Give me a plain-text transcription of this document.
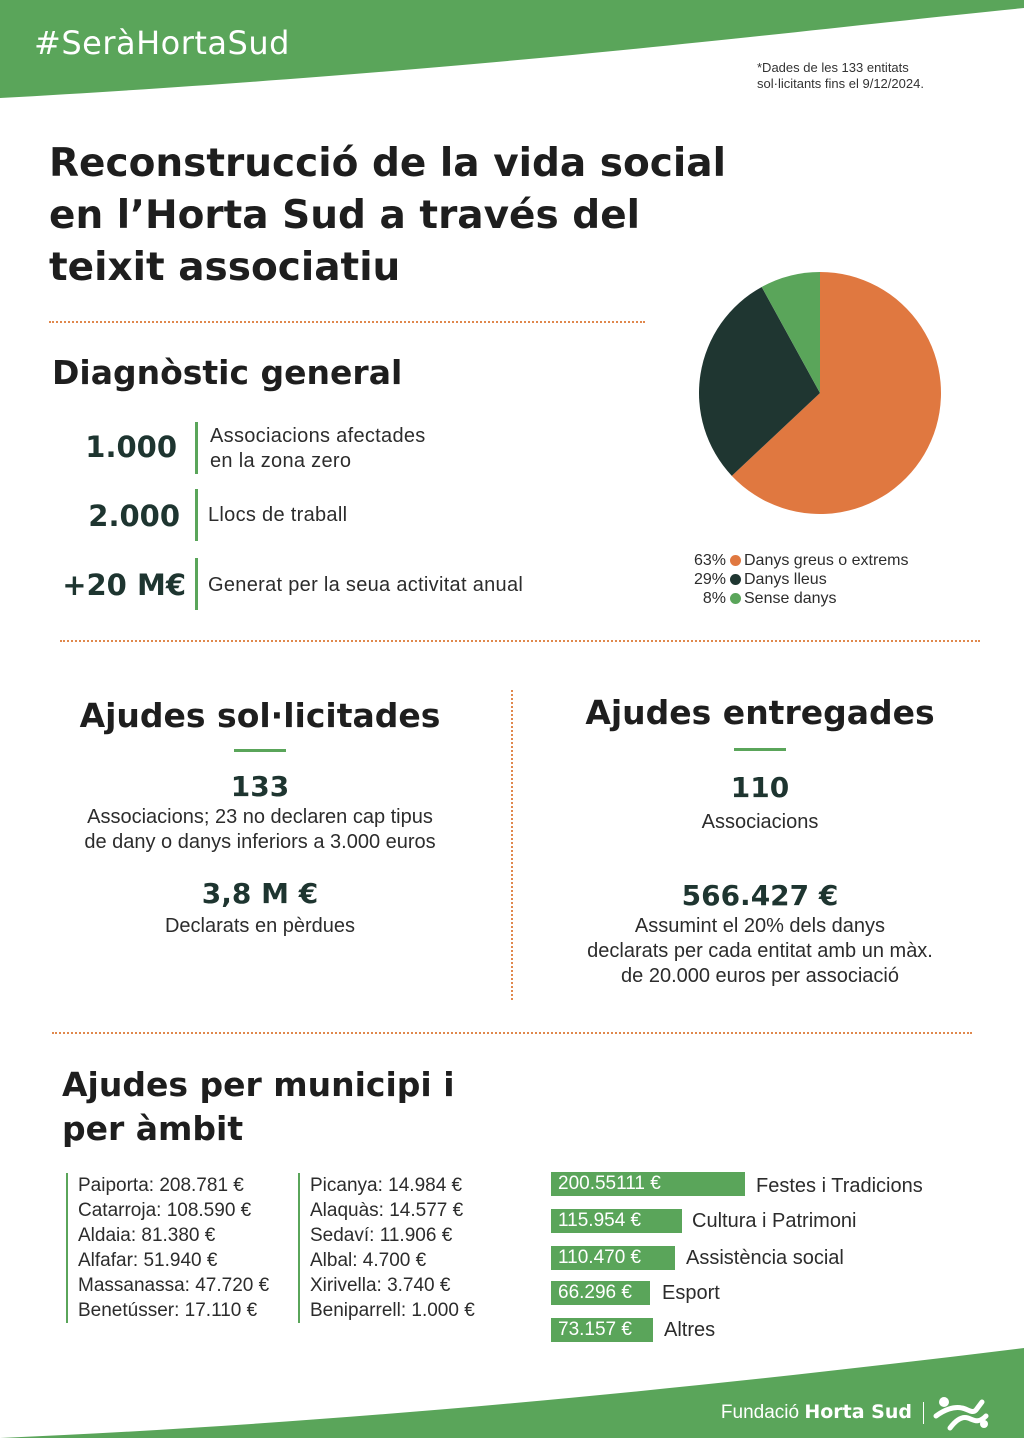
#SeràHortaSud
*Dades de les 133 entitats
sol·licitants fins el 9/12/2024.
Reconstrucció de la vida social
en l’Horta Sud a través del
teixit associatiu
Diagnòstic general
1.000 Associacions afectades
en la zona zero
2.000 Llocs de traball
+20 M€ Generat per la seua activitat anual
63% Danys greus o extrems
29% Danys lleus
8% Sense danys
Ajudes sol·licitades
133
Associacions; 23 no declaren cap tipus
de dany o danys inferiors a 3.000 euros
3,8 M €
Declarats en pèrdues
Ajudes entregades
110
Associacions
566.427 €
Assumint el 20% dels danys
declarats per cada entitat amb un màx.
de 20.000 euros per associació
Ajudes per municipi i
per àmbit
Paiporta: 208.781 €
Catarroja: 108.590 €
Aldaia: 81.380 €
Alfafar: 51.940 €
Massanassa: 47.720 €
Benetússer: 17.110 €
Picanya: 14.984 €
Alaquàs: 14.577 €
Sedaví: 11.906 €
Albal: 4.700 €
Xirivella: 3.740 €
Beniparrell: 1.000 €
200.55111 €	Festes i Tradicions
115.954 €	Cultura i Patrimoni
110.470 €	Assistència social
66.296 €	Esport
73.157 €	Altres
Fundació Horta Sud
